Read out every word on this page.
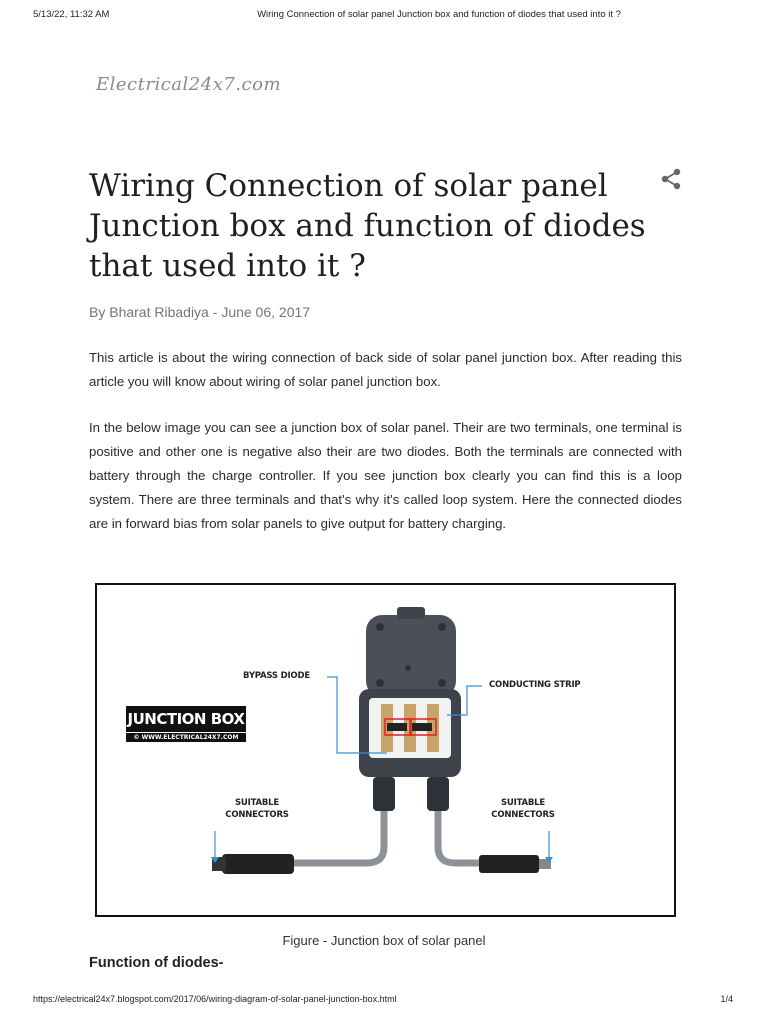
5/13/22, 11:32 AM	Wiring Connection of solar panel Junction box and function of diodes that used into it ?
Electrical24x7.com
Wiring Connection of solar panel Junction box and function of diodes that used into it ?
By Bharat Ribadiya - June 06, 2017

This article is about the wiring connection of back side of solar panel junction box. After reading this article you will know about wiring of solar panel junction box.

In the below image you can see a junction box of solar panel. Their are two terminals, one terminal is positive and other one is negative also their are two diodes. Both the terminals are connected with battery through the charge controller. If you see junction box clearly you can find this is a loop system. There are three terminals and that's why it's called loop system. Here the connected diodes are in forward bias from solar panels to give output for battery charging.

JUNCTION BOX
© WWW.ELECTRICAL24X7.COM
BYPASS DIODE
CONDUCTING STRIP
SUITABLE
CONNECTORS
SUITABLE
CONNECTORS
Figure - Junction box of solar panel
Function of diodes-
https://electrical24x7.blogspot.com/2017/06/wiring-diagram-of-solar-panel-junction-box.html	1/4
